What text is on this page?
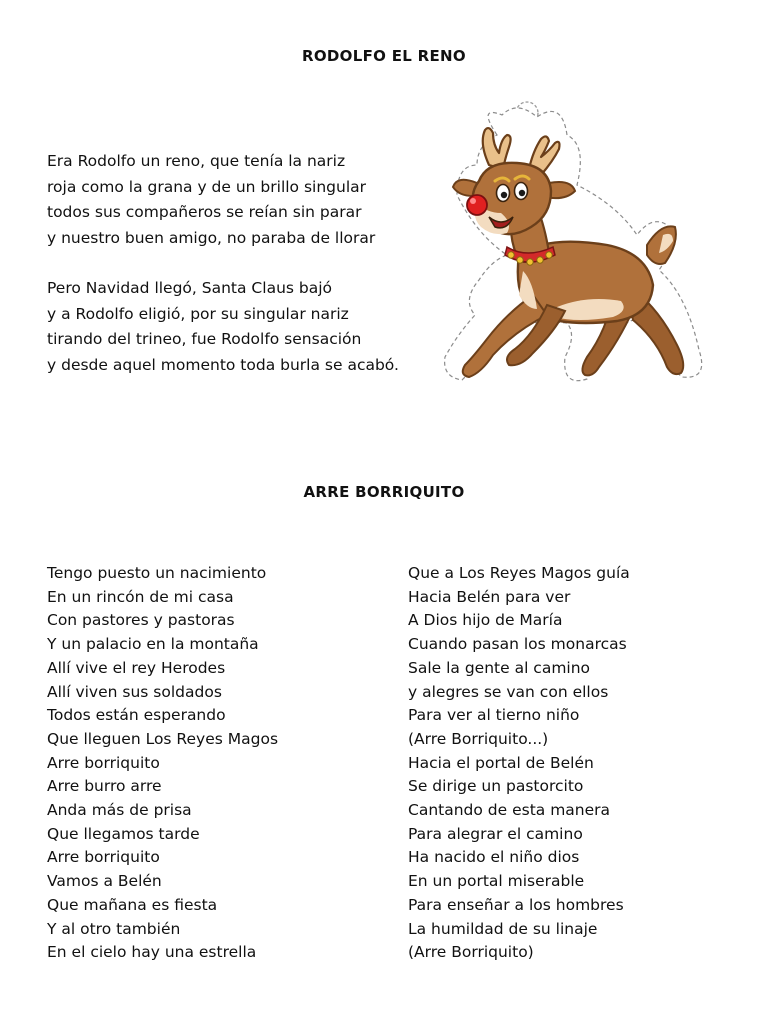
RODOLFO EL RENO
Era Rodolfo un reno, que tenía la nariz
roja como la grana y de un brillo singular
todos sus compañeros se reían sin parar
y nuestro buen amigo, no paraba de llorar
Pero Navidad llegó, Santa Claus bajó
y a Rodolfo eligió, por su singular nariz
tirando del trineo, fue Rodolfo sensación
y desde aquel momento toda burla se acabó.
ARRE BORRIQUITO
Tengo puesto un nacimiento
En un rincón de mi casa
Con pastores y pastoras
Y un palacio en la montaña
Allí vive el rey Herodes
Allí viven sus soldados
Todos están esperando
Que lleguen Los Reyes Magos
Arre borriquito
Arre burro arre
Anda más de prisa
Que llegamos tarde
Arre borriquito
Vamos a Belén
Que mañana es fiesta
Y al otro también
En el cielo hay una estrella
Que a Los Reyes Magos guía
Hacia Belén para ver
A Dios hijo de María
Cuando pasan los monarcas
Sale la gente al camino
y alegres se van con ellos
Para ver al tierno niño
(Arre Borriquito...)
Hacia el portal de Belén
Se dirige un pastorcito
Cantando de esta manera
Para alegrar el camino
Ha nacido el niño dios
En un portal miserable
Para enseñar a los hombres
La humildad de su linaje
(Arre Borriquito)
